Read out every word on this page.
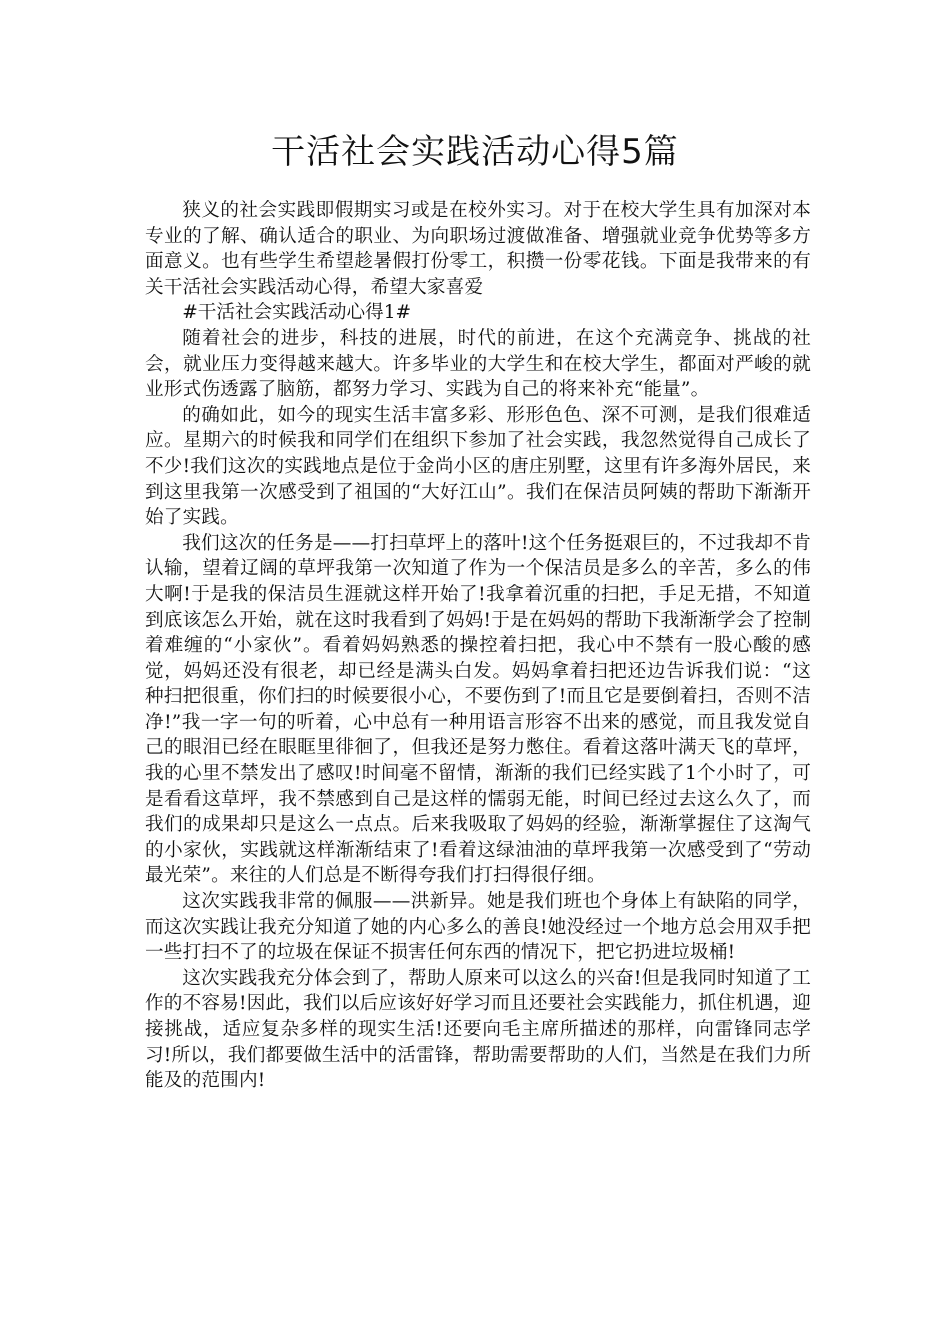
干活社会实践活动心得5篇

狭义的社会实践即假期实习或是在校外实习。对于在校大学生具有加深对本专业的了解、确认适合的职业、为向职场过渡做准备、增强就业竞争优势等多方面意义。也有些学生希望趁暑假打份零工，积攒一份零花钱。下面是我带来的有关干活社会实践活动心得，希望大家喜爱

#干活社会实践活动心得1#

随着社会的进步，科技的进展，时代的前进，在这个充满竞争、挑战的社会，就业压力变得越来越大。许多毕业的大学生和在校大学生，都面对严峻的就业形式伤透露了脑筋，都努力学习、实践为自己的将来补充“能量”。

的确如此，如今的现实生活丰富多彩、形形色色、深不可测，是我们很难适应。星期六的时候我和同学们在组织下参加了社会实践，我忽然觉得自己成长了不少!我们这次的实践地点是位于金尚小区的唐庄别墅，这里有许多海外居民，来到这里我第一次感受到了祖国的“大好江山”。我们在保洁员阿姨的帮助下渐渐开始了实践。

我们这次的任务是——打扫草坪上的落叶!这个任务挺艰巨的，不过我却不肯认输，望着辽阔的草坪我第一次知道了作为一个保洁员是多么的辛苦，多么的伟大啊!于是我的保洁员生涯就这样开始了!我拿着沉重的扫把，手足无措，不知道到底该怎么开始，就在这时我看到了妈妈!于是在妈妈的帮助下我渐渐学会了控制着难缠的“小家伙”。看着妈妈熟悉的操控着扫把，我心中不禁有一股心酸的感觉，妈妈还没有很老，却已经是满头白发。妈妈拿着扫把还边告诉我们说：“这种扫把很重，你们扫的时候要很小心，不要伤到了!而且它是要倒着扫，否则不洁净!”我一字一句的听着，心中总有一种用语言形容不出来的感觉，而且我发觉自己的眼泪已经在眼眶里徘徊了，但我还是努力憋住。看着这落叶满天飞的草坪，我的心里不禁发出了感叹!时间毫不留情，渐渐的我们已经实践了1个小时了，可是看看这草坪，我不禁感到自己是这样的懦弱无能，时间已经过去这么久了，而我们的成果却只是这么一点点。后来我吸取了妈妈的经验，渐渐掌握住了这淘气的小家伙，实践就这样渐渐结束了!看着这绿油油的草坪我第一次感受到了“劳动最光荣”。来往的人们总是不断得夸我们打扫得很仔细。

这次实践我非常的佩服——洪新异。她是我们班也个身体上有缺陷的同学，而这次实践让我充分知道了她的内心多么的善良!她没经过一个地方总会用双手把一些打扫不了的垃圾在保证不损害任何东西的情况下，把它扔进垃圾桶!

这次实践我充分体会到了，帮助人原来可以这么的兴奋!但是我同时知道了工作的不容易!因此，我们以后应该好好学习而且还要社会实践能力，抓住机遇，迎接挑战，适应复杂多样的现实生活!还要向毛主席所描述的那样，向雷锋同志学习!所以，我们都要做生活中的活雷锋，帮助需要帮助的人们，当然是在我们力所能及的范围内!
